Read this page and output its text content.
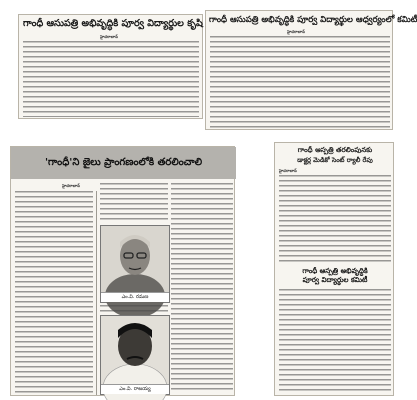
గాంధీ ఆసుపత్రి అభివృద్ధికి పూర్వ విద్యార్థుల కృషి
హైదరాబాద్
గాంధీ ఆసుపత్రి అభివృద్ధికి పూర్వ విద్యార్థుల ఆధ్వర్యంలో కమిటీ
హైదరాబాద్
'గాంధీ'ని జైలు ప్రాంగణంలోకి తరలించాలి
హైదరాబాద్
ఎం.వి. రమణ
ఎం.వి. రాజయ్య
గాంధీ ఆస్పత్రి తరలింపునకు
డాక్టర్ల మెడికో సెంట్ ర్యాలీ రేపు
హైదరాబాద్
గాంధీ ఆస్పత్రి అభివృద్ధికి
పూర్వ విద్యార్థుల కమిటీ
